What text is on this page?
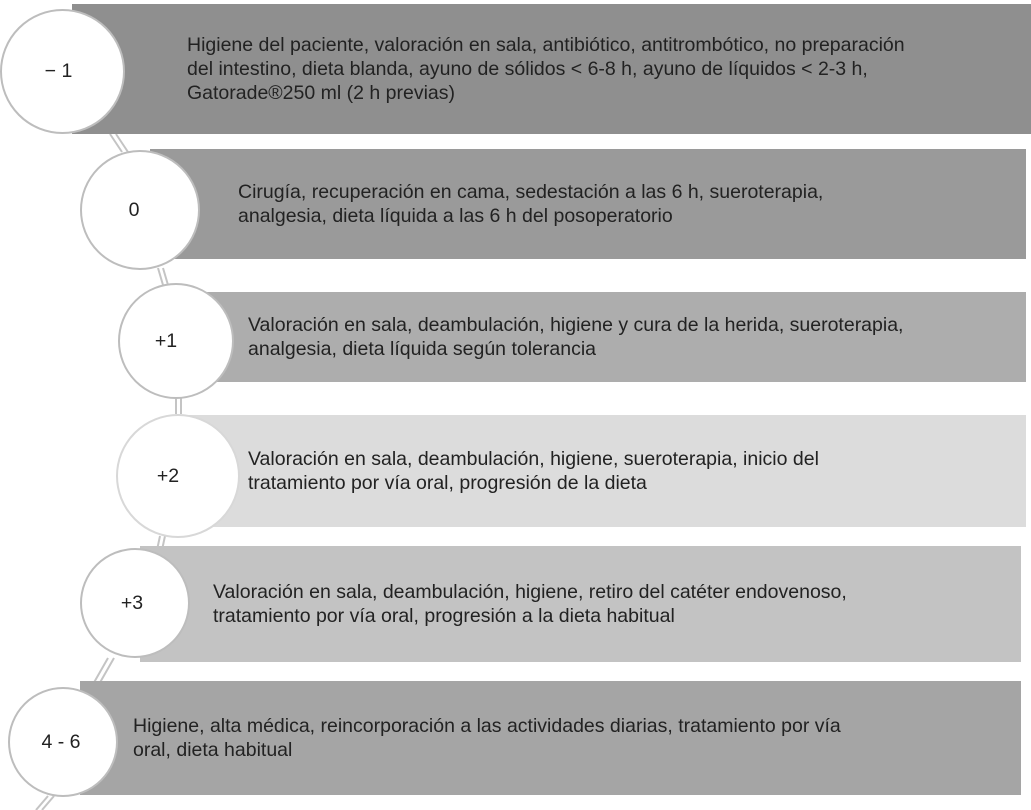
Higiene del paciente, valoración en sala, antibiótico, antitrombótico, no preparación
del intestino, dieta blanda, ayuno de sólidos < 6-8 h, ayuno de líquidos < 2-3 h,
Gatorade®250 ml (2 h previas)
− 1
Cirugía, recuperación en cama, sedestación a las 6 h, sueroterapia,
analgesia, dieta líquida a las 6 h del posoperatorio
0
Valoración en sala, deambulación, higiene y cura de la herida, sueroterapia,
analgesia, dieta líquida según tolerancia
+1
Valoración en sala, deambulación, higiene, sueroterapia, inicio del
tratamiento por vía oral, progresión de la dieta
+2
Valoración en sala, deambulación, higiene, retiro del catéter endovenoso,
tratamiento por vía oral, progresión a la dieta habitual
+3
Higiene, alta médica, reincorporación a las actividades diarias, tratamiento por vía
oral, dieta habitual
4 - 6
